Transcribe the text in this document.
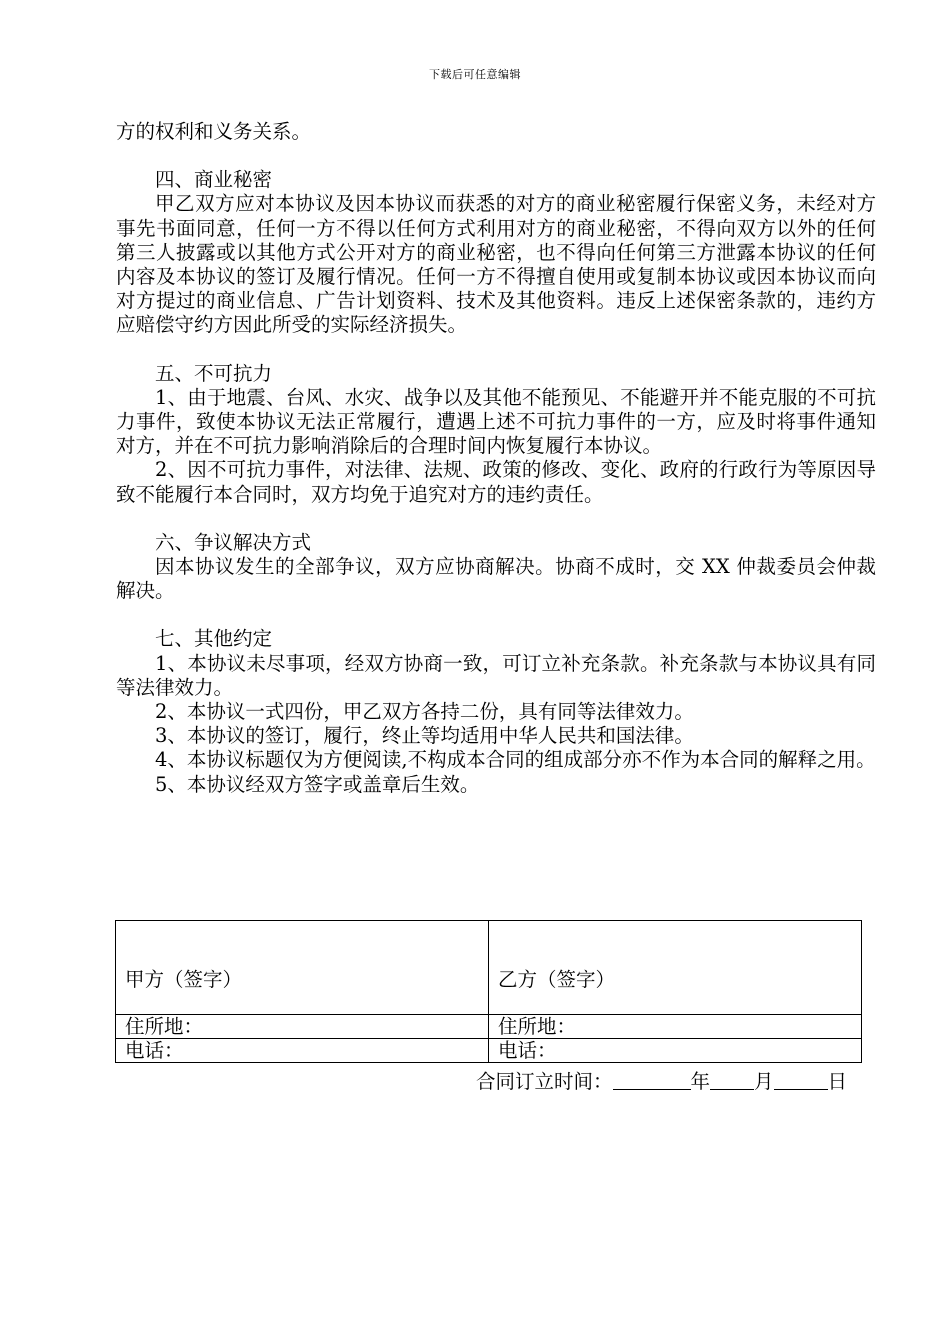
下载后可任意编辑

方的权利和义务关系。

四、商业秘密

甲乙双方应对本协议及因本协议而获悉的对方的商业秘密履行保密义务，未经对方事先书面同意，任何一方不得以任何方式利用对方的商业秘密，不得向双方以外的任何第三人披露或以其他方式公开对方的商业秘密，也不得向任何第三方泄露本协议的任何内容及本协议的签订及履行情况。任何一方不得擅自使用或复制本协议或因本协议而向对方提过的商业信息、广告计划资料、技术及其他资料。违反上述保密条款的，违约方应赔偿守约方因此所受的实际经济损失。

五、不可抗力

1、由于地震、台风、水灾、战争以及其他不能预见、不能避开并不能克服的不可抗力事件，致使本协议无法正常履行，遭遇上述不可抗力事件的一方，应及时将事件通知对方，并在不可抗力影响消除后的合理时间内恢复履行本协议。

2、因不可抗力事件，对法律、法规、政策的修改、变化、政府的行政行为等原因导致不能履行本合同时，双方均免于追究对方的违约责任。

六、争议解决方式

因本协议发生的全部争议，双方应协商解决。协商不成时，交 XX 仲裁委员会仲裁解决。

七、其他约定

1、本协议未尽事项，经双方协商一致，可订立补充条款。补充条款与本协议具有同等法律效力。

2、本协议一式四份，甲乙双方各持二份，具有同等法律效力。

3、本协议的签订，履行，终止等均适用中华人民共和国法律。

4、本协议标题仅为方便阅读,不构成本合同的组成部分亦不作为本合同的解释之用。

5、本协议经双方签字或盖章后生效。

甲方（签字）	乙方（签字）
住所地：	住所地：
电话：	电话：
合同订立时间：	年 月	日
